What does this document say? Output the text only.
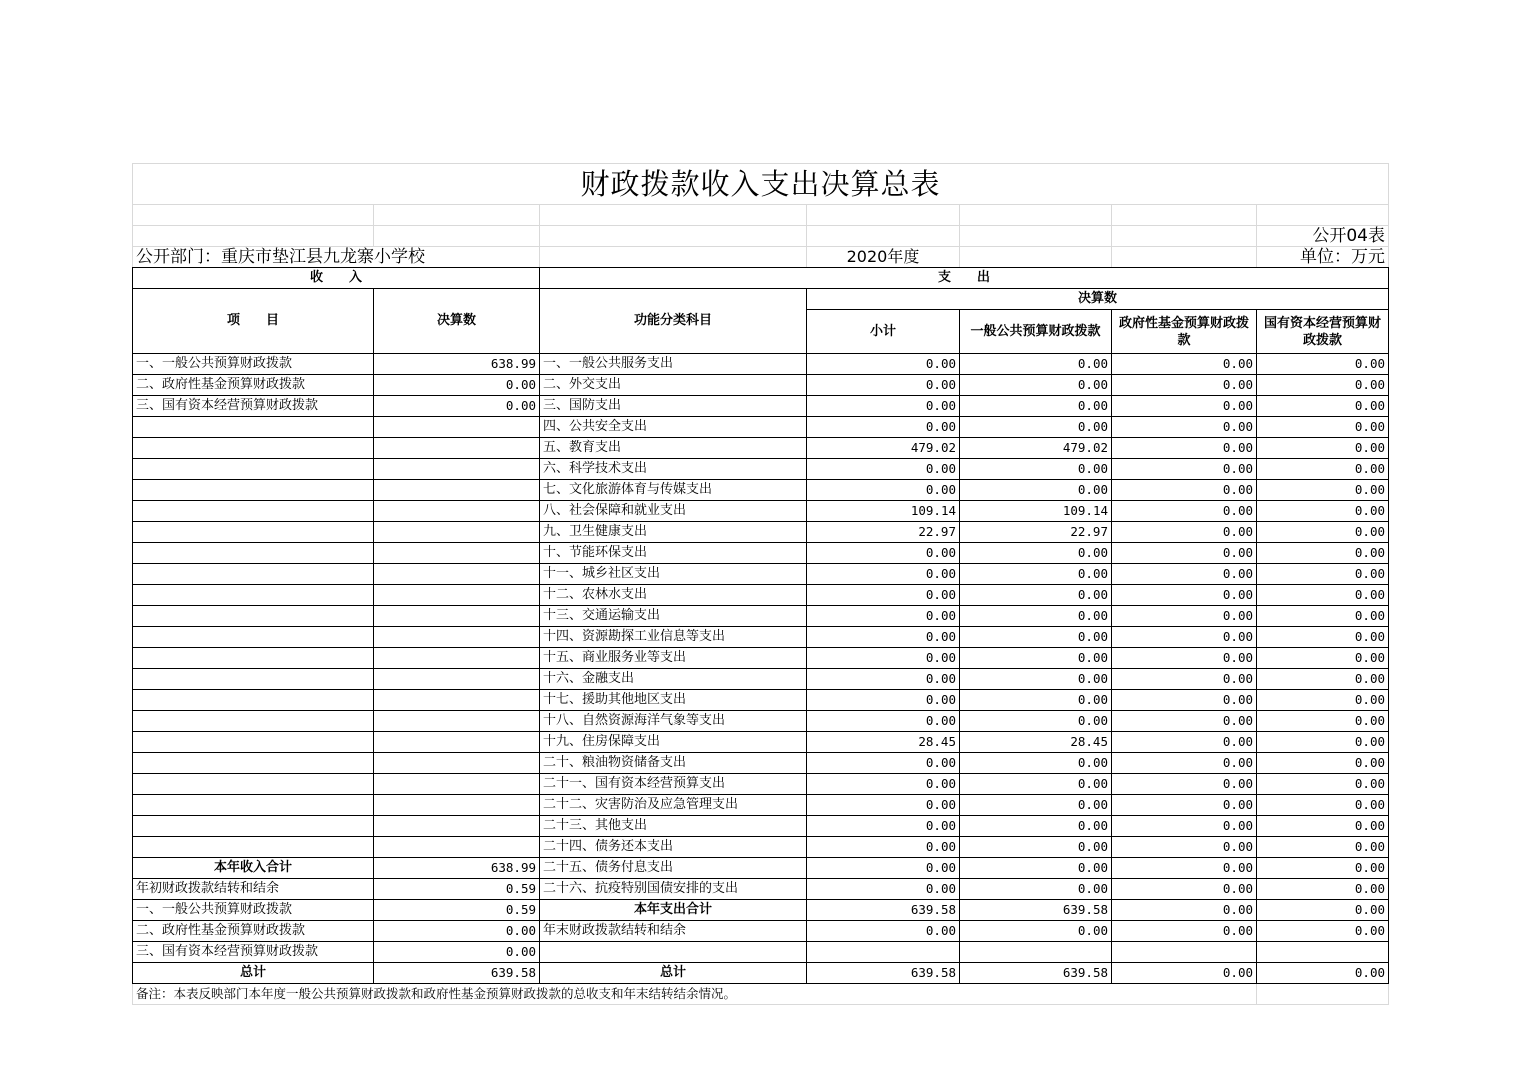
财政拨款收入支出决算总表						

						公开04表
公开部门：重庆市垫江县九龙寨小学校			2020年度			单位：万元
收　　入		支　　出				
项　　目	决算数	功能分类科目	决算数			
			小计	一般公共预算财政拨款	政府性基金预算财政拨款	国有资本经营预算财政拨款

一、一般公共预算财政拨款	638.99	一、一般公共服务支出	0.00	0.00	0.00	0.00
二、政府性基金预算财政拨款	0.00	二、外交支出	0.00	0.00	0.00	0.00
三、国有资本经营预算财政拨款	0.00	三、国防支出	0.00	0.00	0.00	0.00
		四、公共安全支出	0.00	0.00	0.00	0.00
		五、教育支出	479.02	479.02	0.00	0.00
		六、科学技术支出	0.00	0.00	0.00	0.00
		七、文化旅游体育与传媒支出	0.00	0.00	0.00	0.00
		八、社会保障和就业支出	109.14	109.14	0.00	0.00
		九、卫生健康支出	22.97	22.97	0.00	0.00
		十、节能环保支出	0.00	0.00	0.00	0.00
		十一、城乡社区支出	0.00	0.00	0.00	0.00
		十二、农林水支出	0.00	0.00	0.00	0.00
		十三、交通运输支出	0.00	0.00	0.00	0.00
		十四、资源勘探工业信息等支出	0.00	0.00	0.00	0.00
		十五、商业服务业等支出	0.00	0.00	0.00	0.00
		十六、金融支出	0.00	0.00	0.00	0.00
		十七、援助其他地区支出	0.00	0.00	0.00	0.00
		十八、自然资源海洋气象等支出	0.00	0.00	0.00	0.00
		十九、住房保障支出	28.45	28.45	0.00	0.00
		二十、粮油物资储备支出	0.00	0.00	0.00	0.00
		二十一、国有资本经营预算支出	0.00	0.00	0.00	0.00
		二十二、灾害防治及应急管理支出	0.00	0.00	0.00	0.00
		二十三、其他支出	0.00	0.00	0.00	0.00
		二十四、债务还本支出	0.00	0.00	0.00	0.00
本年收入合计	638.99	二十五、债务付息支出	0.00	0.00	0.00	0.00
年初财政拨款结转和结余	0.59	二十六、抗疫特别国债安排的支出	0.00	0.00	0.00	0.00
一、一般公共预算财政拨款	0.59	本年支出合计	639.58	639.58	0.00	0.00
二、政府性基金预算财政拨款	0.00	年末财政拨款结转和结余	0.00	0.00	0.00	0.00
三、国有资本经营预算财政拨款	0.00					
总计	639.58	总计	639.58	639.58	0.00	0.00
备注：本表反映部门本年度一般公共预算财政拨款和政府性基金预算财政拨款的总收支和年末结转结余情况。						
